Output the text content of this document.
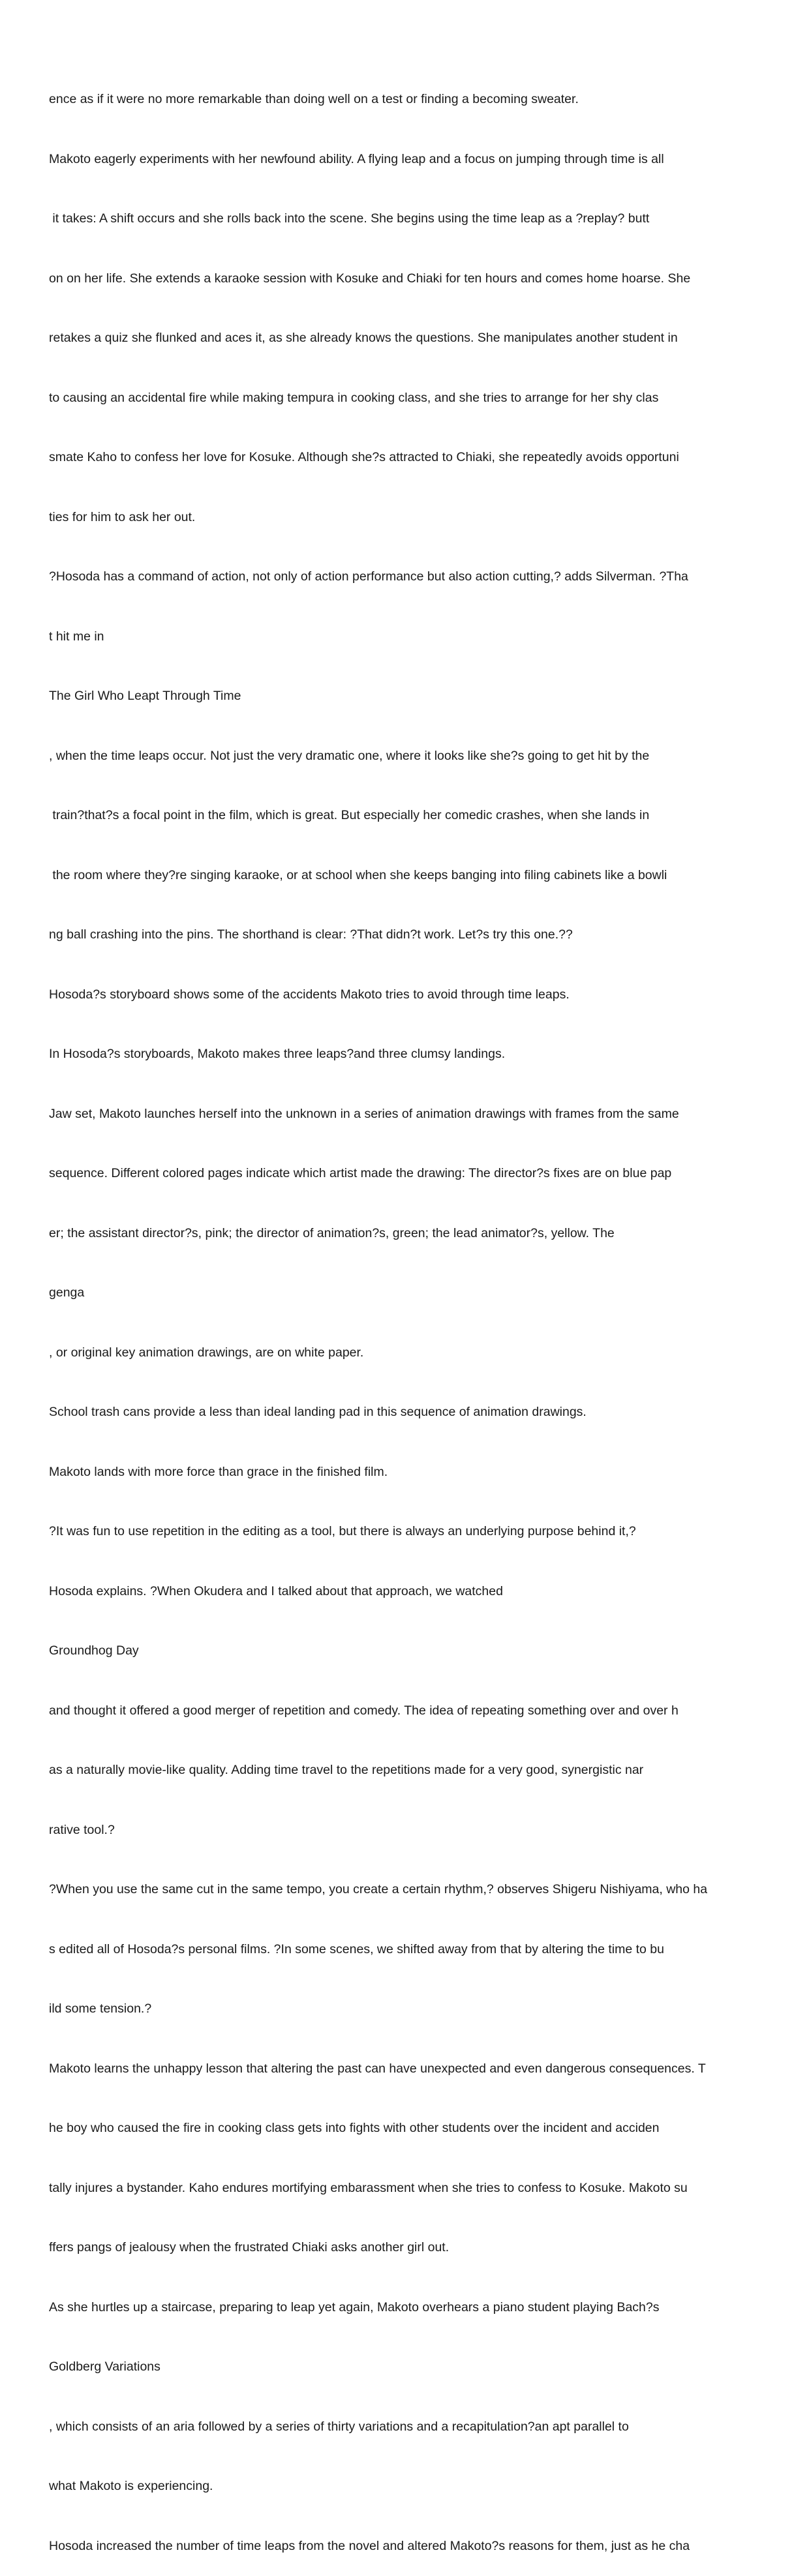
ence as if it were no more remarkable than doing well on a test or finding a becoming sweater.

Makoto eagerly experiments with her newfound ability. A flying leap and a focus on jumping through time is all

it takes: A shift occurs and she rolls back into the scene. She begins using the time leap as a ?replay? butt

on on her life. She extends a karaoke session with Kosuke and Chiaki for ten hours and comes home hoarse. She

retakes a quiz she flunked and aces it, as she already knows the questions. She manipulates another student in

to causing an accidental fire while making tempura in cooking class, and she tries to arrange for her shy clas

smate Kaho to confess her love for Kosuke. Although she?s attracted to Chiaki, she repeatedly avoids opportuni

ties for him to ask her out.

?Hosoda has a command of action, not only of action performance but also action cutting,? adds Silverman. ?Tha

t hit me in

The Girl Who Leapt Through Time

, when the time leaps occur. Not just the very dramatic one, where it looks like she?s going to get hit by the

train?that?s a focal point in the film, which is great. But especially her comedic crashes, when she lands in

the room where they?re singing karaoke, or at school when she keeps banging into filing cabinets like a bowli

ng ball crashing into the pins. The shorthand is clear: ?That didn?t work. Let?s try this one.??

Hosoda?s storyboard shows some of the accidents Makoto tries to avoid through time leaps.

In Hosoda?s storyboards, Makoto makes three leaps?and three clumsy landings.

Jaw set, Makoto launches herself into the unknown in a series of animation drawings with frames from the same

sequence. Different colored pages indicate which artist made the drawing: The director?s fixes are on blue pap

er; the assistant director?s, pink; the director of animation?s, green; the lead animator?s, yellow. The

genga

, or original key animation drawings, are on white paper.

School trash cans provide a less than ideal landing pad in this sequence of animation drawings.

Makoto lands with more force than grace in the finished film.

?It was fun to use repetition in the editing as a tool, but there is always an underlying purpose behind it,?

Hosoda explains. ?When Okudera and I talked about that approach, we watched

Groundhog Day

and thought it offered a good merger of repetition and comedy. The idea of repeating something over and over h

as a naturally movie-like quality. Adding time travel to the repetitions made for a very good, synergistic nar

rative tool.?

?When you use the same cut in the same tempo, you create a certain rhythm,? observes Shigeru Nishiyama, who ha

s edited all of Hosoda?s personal films. ?In some scenes, we shifted away from that by altering the time to bu

ild some tension.?

Makoto learns the unhappy lesson that altering the past can have unexpected and even dangerous consequences. T

he boy who caused the fire in cooking class gets into fights with other students over the incident and acciden

tally injures a bystander. Kaho endures mortifying embarassment when she tries to confess to Kosuke. Makoto su

ffers pangs of jealousy when the frustrated Chiaki asks another girl out.

As she hurtles up a staircase, preparing to leap yet again, Makoto overhears a piano student playing Bach?s

Goldberg Variations

, which consists of an aria followed by a series of thirty variations and a recapitulation?an apt parallel to

what Makoto is experiencing.

Hosoda increased the number of time leaps from the novel and altered Makoto?s reasons for them, just as he cha
